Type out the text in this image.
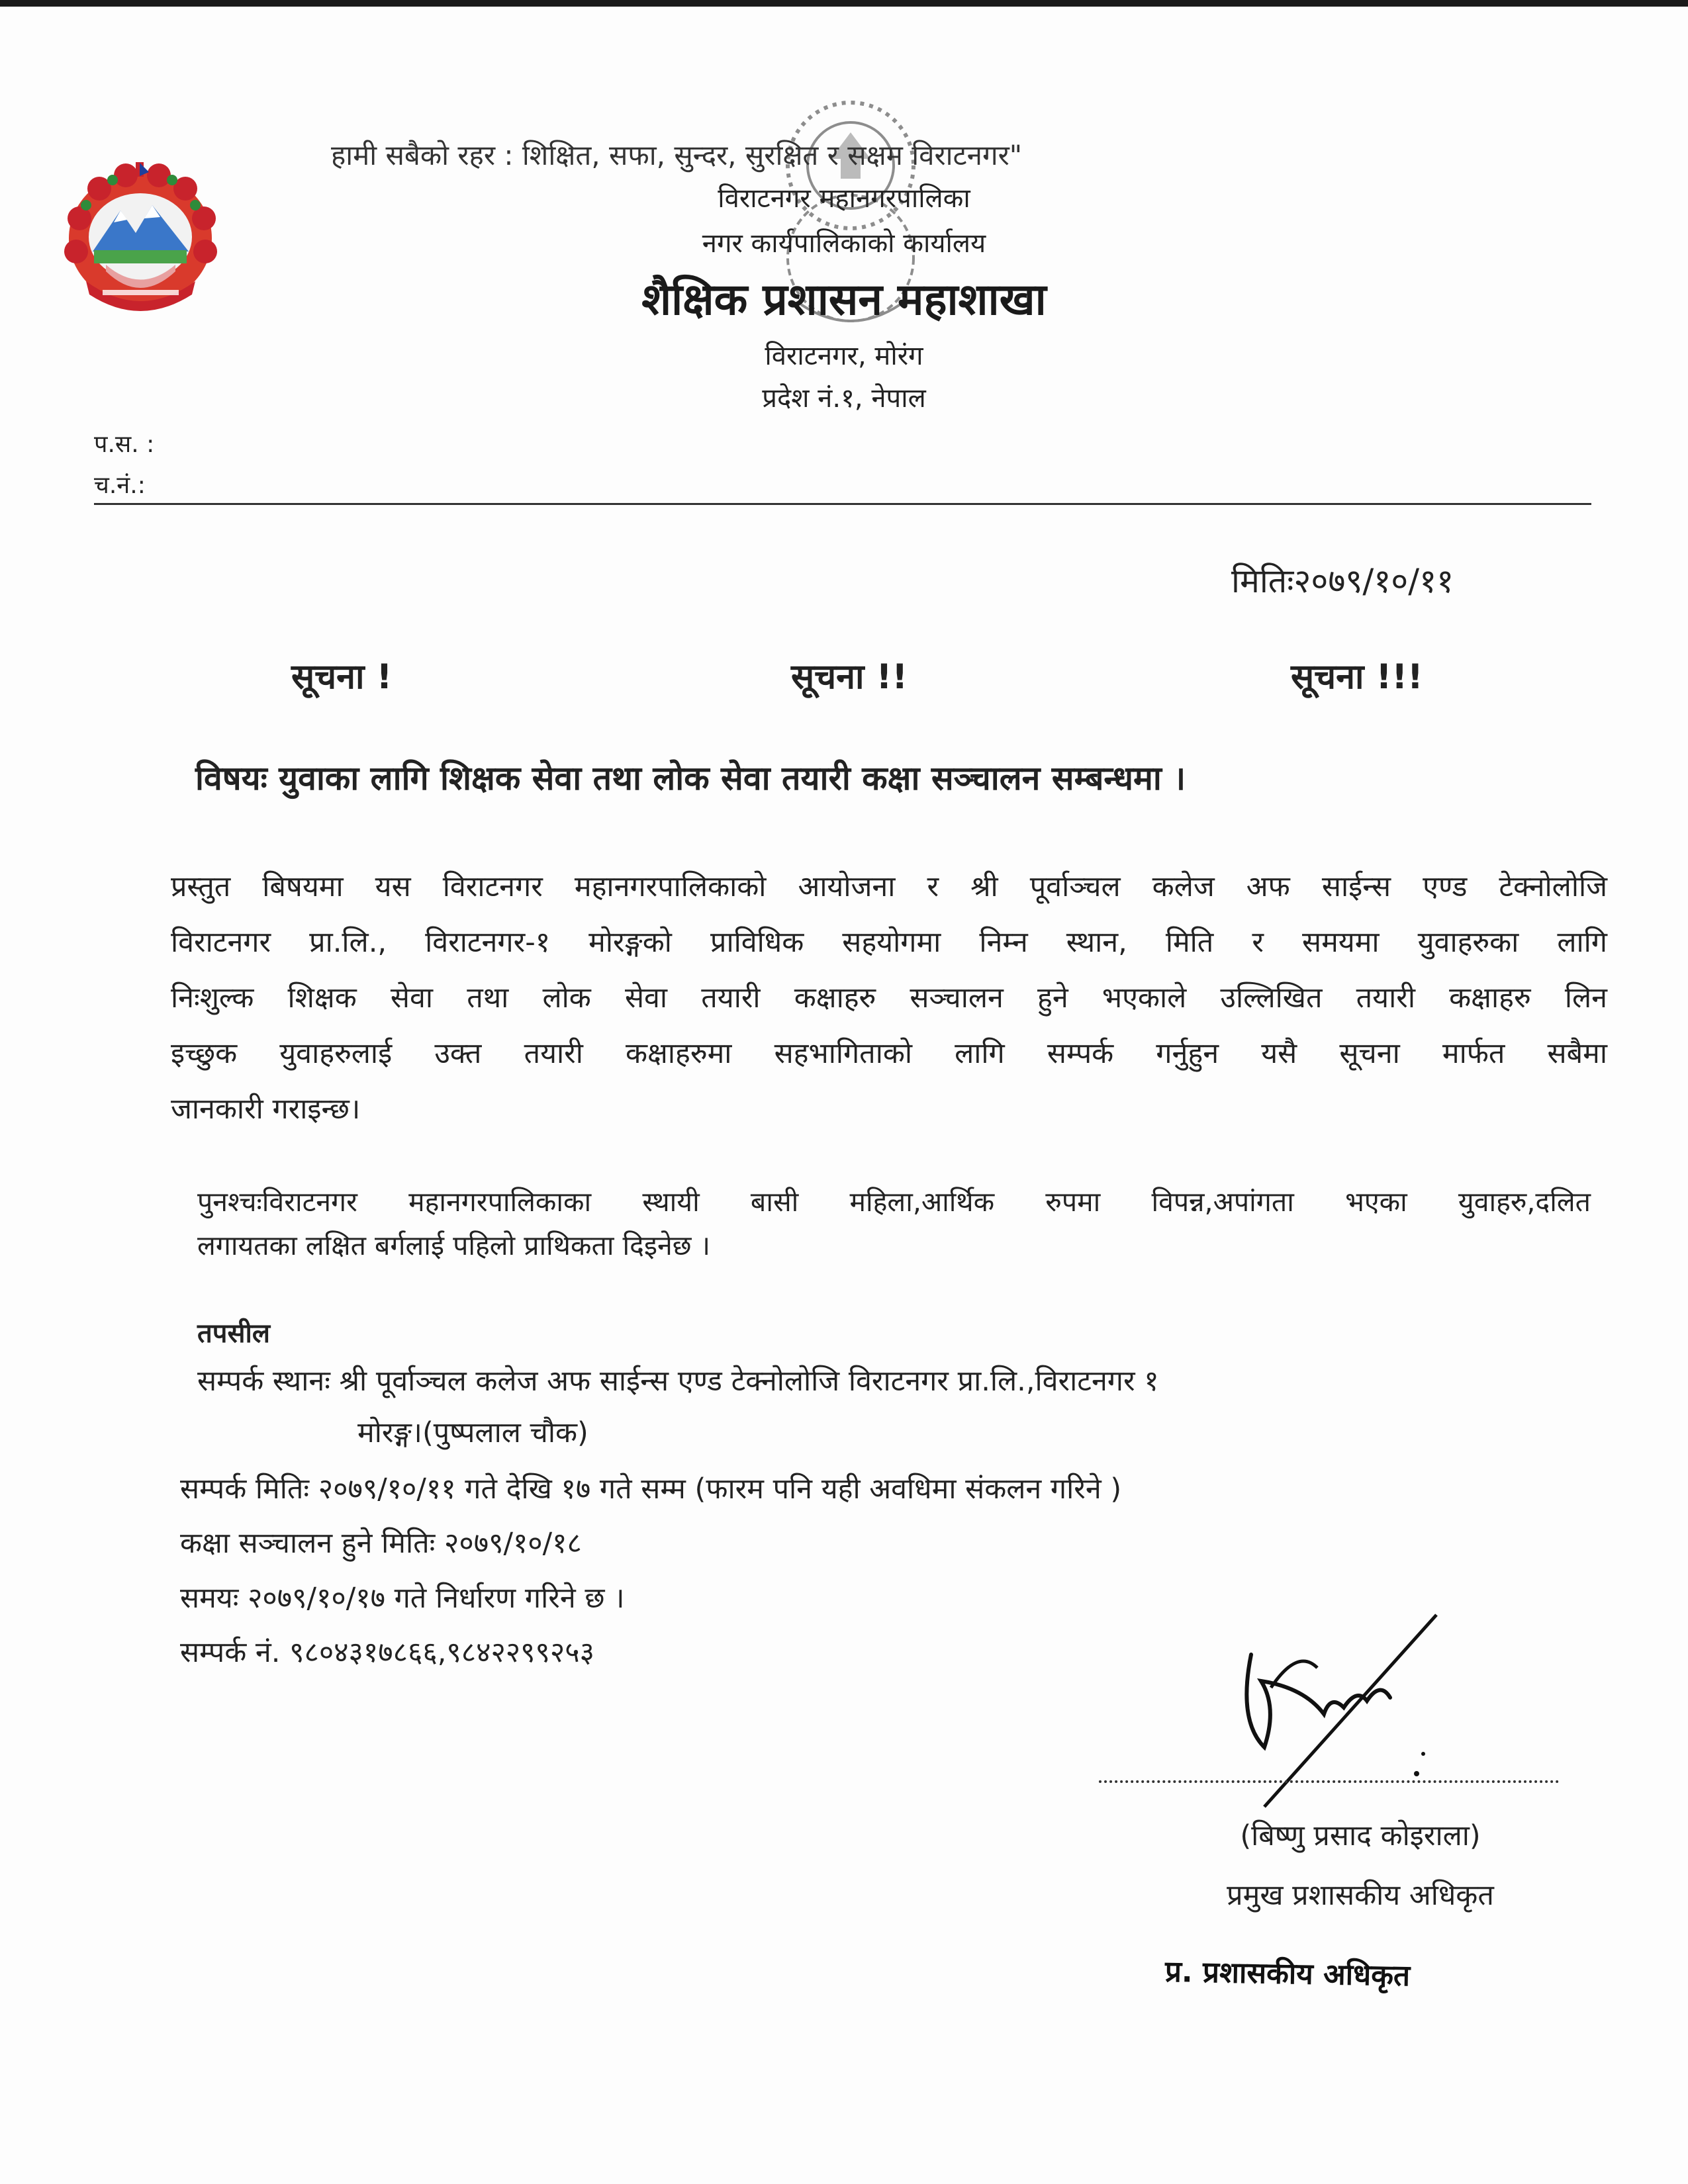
हामी सबैको रहर : शिक्षित, सफा, सुन्दर, सुरक्षित र सक्षम विराटनगर"
विराटनगर महानगरपालिका
नगर कार्यपालिकाको कार्यालय
शैक्षिक प्रशासन महाशाखा
विराटनगर, मोरंग
प्रदेश नं.१, नेपाल
प.स. :
च.नं.:
मितिः२०७९/१०/११
सूचना !	सूचना !!	सूचना !!!
विषयः युवाका लागि शिक्षक सेवा तथा लोक सेवा तयारी कक्षा सञ्चालन सम्बन्धमा ।

प्रस्तुत बिषयमा यस विराटनगर महानगरपालिकाको आयोजना र श्री पूर्वाञ्चल कलेज अफ साईन्स एण्ड टेक्नोलोजि

विराटनगर प्रा.लि., विराटनगर-१ मोरङ्गको प्राविधिक सहयोगमा निम्न स्थान, मिति र समयमा युवाहरुका लागि

निःशुल्क शिक्षक सेवा तथा लोक सेवा तयारी कक्षाहरु सञ्चालन हुने भएकाले उल्लिखित तयारी कक्षाहरु लिन

इच्छुक युवाहरुलाई उक्त तयारी कक्षाहरुमा सहभागिताको लागि सम्पर्क गर्नुहुन यसै सूचना मार्फत सबैमा

जानकारी गराइन्छ।

पुनश्चःविराटनगर महानगरपालिकाका स्थायी बासी महिला,आर्थिक रुपमा विपन्न,अपांगता भएका युवाहरु,दलित

लगायतका लक्षित बर्गलाई पहिलो प्राथिकता दिइनेछ ।

तपसील
सम्पर्क स्थानः श्री पूर्वाञ्चल कलेज अफ साईन्स एण्ड टेक्नोलोजि विराटनगर प्रा.लि.,विराटनगर १
मोरङ्ग।(पुष्पलाल चौक)
सम्पर्क मितिः २०७९/१०/११ गते देखि १७ गते सम्म (फारम पनि यही अवधिमा संकलन गरिने )
कक्षा सञ्चालन हुने मितिः २०७९/१०/१८
समयः २०७९/१०/१७ गते निर्धारण गरिने छ ।
सम्पर्क नं. ९८०४३१७८६६,९८४२२९९२५३
(बिष्णु प्रसाद कोइराला)
प्रमुख प्रशासकीय अधिकृत
प्र. प्रशासकीय अधिकृत
